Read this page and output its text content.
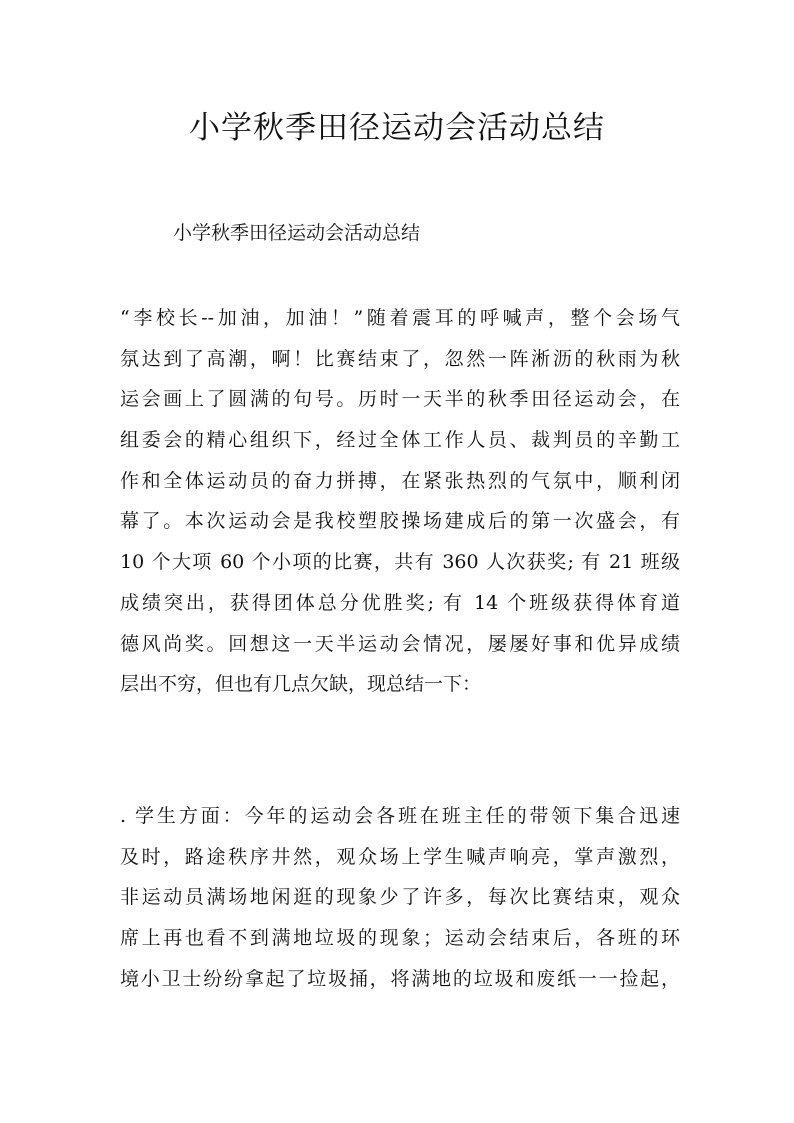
小学秋季田径运动会活动总结

小学秋季田径运动会活动总结

“李校长--加油，加油！”随着震耳的呼喊声，整个会场气
氛达到了高潮，啊！比赛结束了，忽然一阵淅沥的秋雨为秋
运会画上了圆满的句号。历时一天半的秋季田径运动会，在
组委会的精心组织下，经过全体工作人员、裁判员的辛勤工
作和全体运动员的奋力拼搏，在紧张热烈的气氛中，顺利闭
幕了。本次运动会是我校塑胶操场建成后的第一次盛会，有
10 个大项 60 个小项的比赛，共有 360 人次获奖; 有 21 班级
成绩突出，获得团体总分优胜奖; 有 14 个班级获得体育道
德风尚奖。回想这一天半运动会情况，屡屡好事和优异成绩
层出不穷，但也有几点欠缺，现总结一下：
. 学生方面：今年的运动会各班在班主任的带领下集合迅速
及时，路途秩序井然，观众场上学生喊声响亮，掌声激烈，
非运动员满场地闲逛的现象少了许多，每次比赛结束，观众
席上再也看不到满地垃圾的现象；运动会结束后，各班的环
境小卫士纷纷拿起了垃圾捅，将满地的垃圾和废纸一一捡起，
